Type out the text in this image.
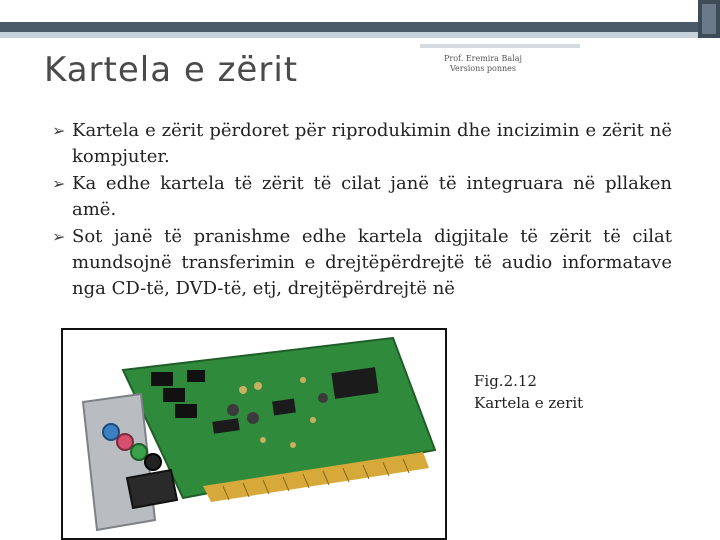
Kartela e zërit	Prof. Eremira Balaj
Versions ponnes
➢ Kartela e zërit përdoret për riprodukimin dhe incizimin e zërit në kompjuter.
➢ Ka edhe kartela të zërit të cilat janë të integruara në pllaken amë.
➢ Sot janë të pranishme edhe kartela digjitale të zërit të cilat mundsojnë transferimin e drejtëpërdrejtë të audio informatave nga CD-të, DVD-të, etj, drejtëpërdrejtë në
Fig.2.12
Kartela e zerit
